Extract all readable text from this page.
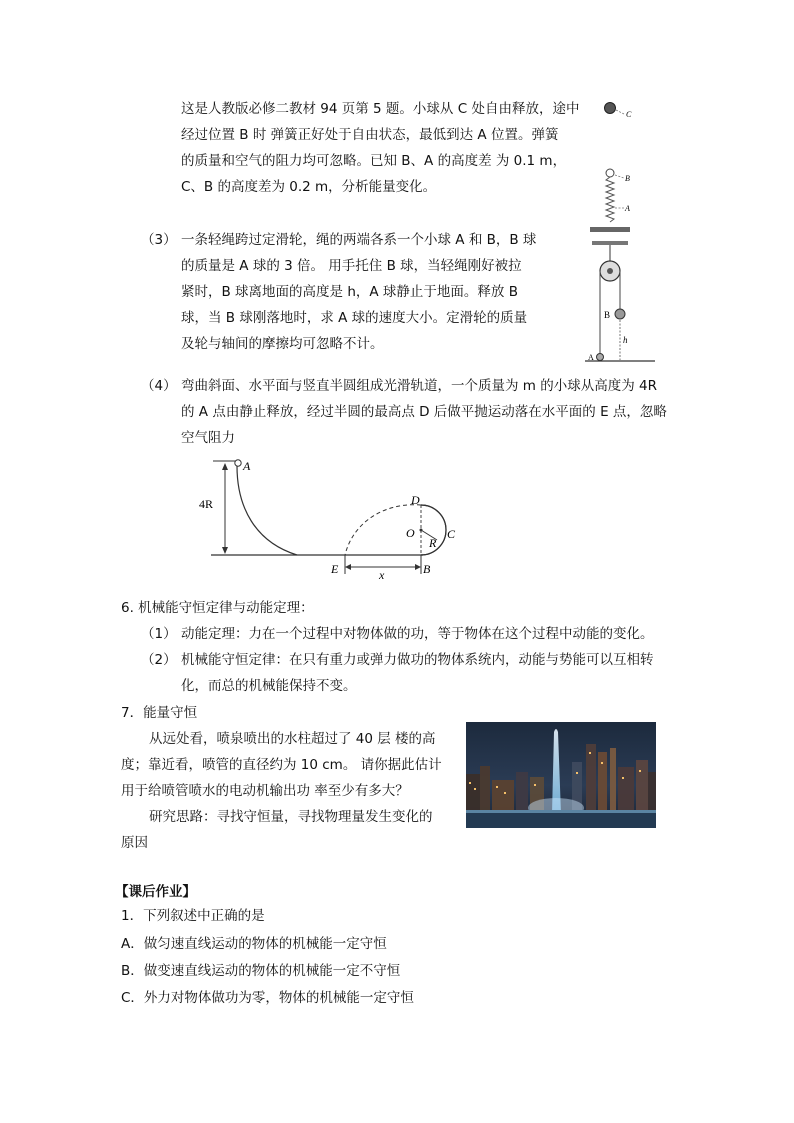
这是人教版必修二教材 94 页第 5 题。小球从 C 处自由释放，途中
经过位置 B 时 弹簧正好处于自由状态，最低到达 A 位置。弹簧
的质量和空气的阻力均可忽略。已知 B、A 的高度差 为 0.1 m，
C、B 的高度差为 0.2 m，分析能量变化。
C
B
A
B
h
A
（3） 一条轻绳跨过定滑轮，绳的两端各系一个小球 A 和 B，B 球
的质量是 A 球的 3 倍。 用手托住 B 球，当轻绳刚好被拉
紧时，B 球离地面的高度是 h，A 球静止于地面。释放 B
球，当 B 球刚落地时，求 A 球的速度大小。定滑轮的质量
及轮与轴间的摩擦均可忽略不计。
（4） 弯曲斜面、水平面与竖直半圆组成光滑轨道，一个质量为 m 的小球从高度为 4R
的 A 点由静止释放，经过半圆的最高点 D 后做平抛运动落在水平面的 E 点，忽略
空气阻力
A
4R	D
O
R
C
E	B
x
6. 机械能守恒定律与动能定理：
（1） 动能定理：力在一个过程中对物体做的功，等于物体在这个过程中动能的变化。
（2） 机械能守恒定律：在只有重力或弹力做功的物体系统内，动能与势能可以互相转
化，而总的机械能保持不变。
7．能量守恒
从远处看，喷泉喷出的水柱超过了 40 层 楼的高
度；靠近看，喷管的直径约为 10 cm。 请你据此估计
用于给喷管喷水的电动机输出功 率至少有多大？
研究思路：寻找守恒量，寻找物理量发生变化的
原因
【课后作业】
1．下列叙述中正确的是
A．做匀速直线运动的物体的机械能一定守恒
B．做变速直线运动的物体的机械能一定不守恒
C．外力对物体做功为零，物体的机械能一定守恒
